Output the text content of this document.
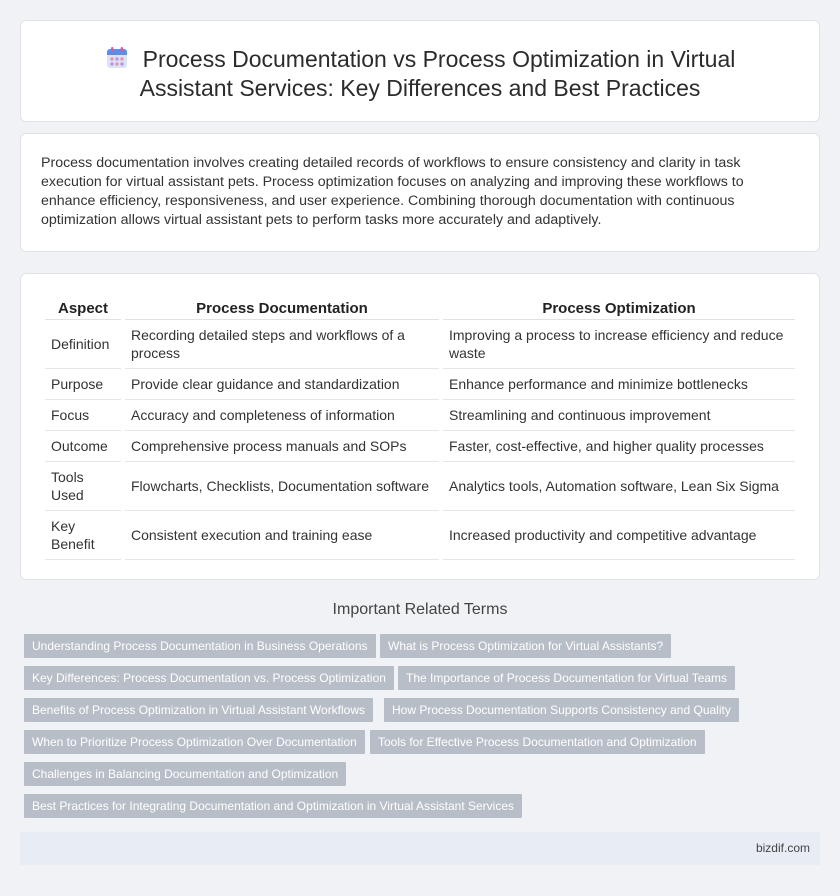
Process Documentation vs Process Optimization in Virtual Assistant Services: Key Differences and Best Practices

Process documentation involves creating detailed records of workflows to ensure consistency and clarity in task execution for virtual assistant pets. Process optimization focuses on analyzing and improving these workflows to enhance efficiency, responsiveness, and user experience. Combining thorough documentation with continuous optimization allows virtual assistant pets to perform tasks more accurately and adaptively.

Aspect	Process Documentation	Process Optimization
Definition	Recording detailed steps and workflows of a process	Improving a process to increase efficiency and reduce waste
Purpose	Provide clear guidance and standardization	Enhance performance and minimize bottlenecks
Focus	Accuracy and completeness of information	Streamlining and continuous improvement
Outcome	Comprehensive process manuals and SOPs	Faster, cost-effective, and higher quality processes
Tools Used	Flowcharts, Checklists, Documentation software	Analytics tools, Automation software, Lean Six Sigma
Key Benefit	Consistent execution and training ease	Increased productivity and competitive advantage
Important Related Terms
Understanding Process Documentation in Business Operations	What is Process Optimization for Virtual Assistants?
Key Differences: Process Documentation vs. Process Optimization	The Importance of Process Documentation for Virtual Teams
Benefits of Process Optimization in Virtual Assistant Workflows	How Process Documentation Supports Consistency and Quality
When to Prioritize Process Optimization Over Documentation	Tools for Effective Process Documentation and Optimization
Challenges in Balancing Documentation and Optimization
Best Practices for Integrating Documentation and Optimization in Virtual Assistant Services
bizdif.com
